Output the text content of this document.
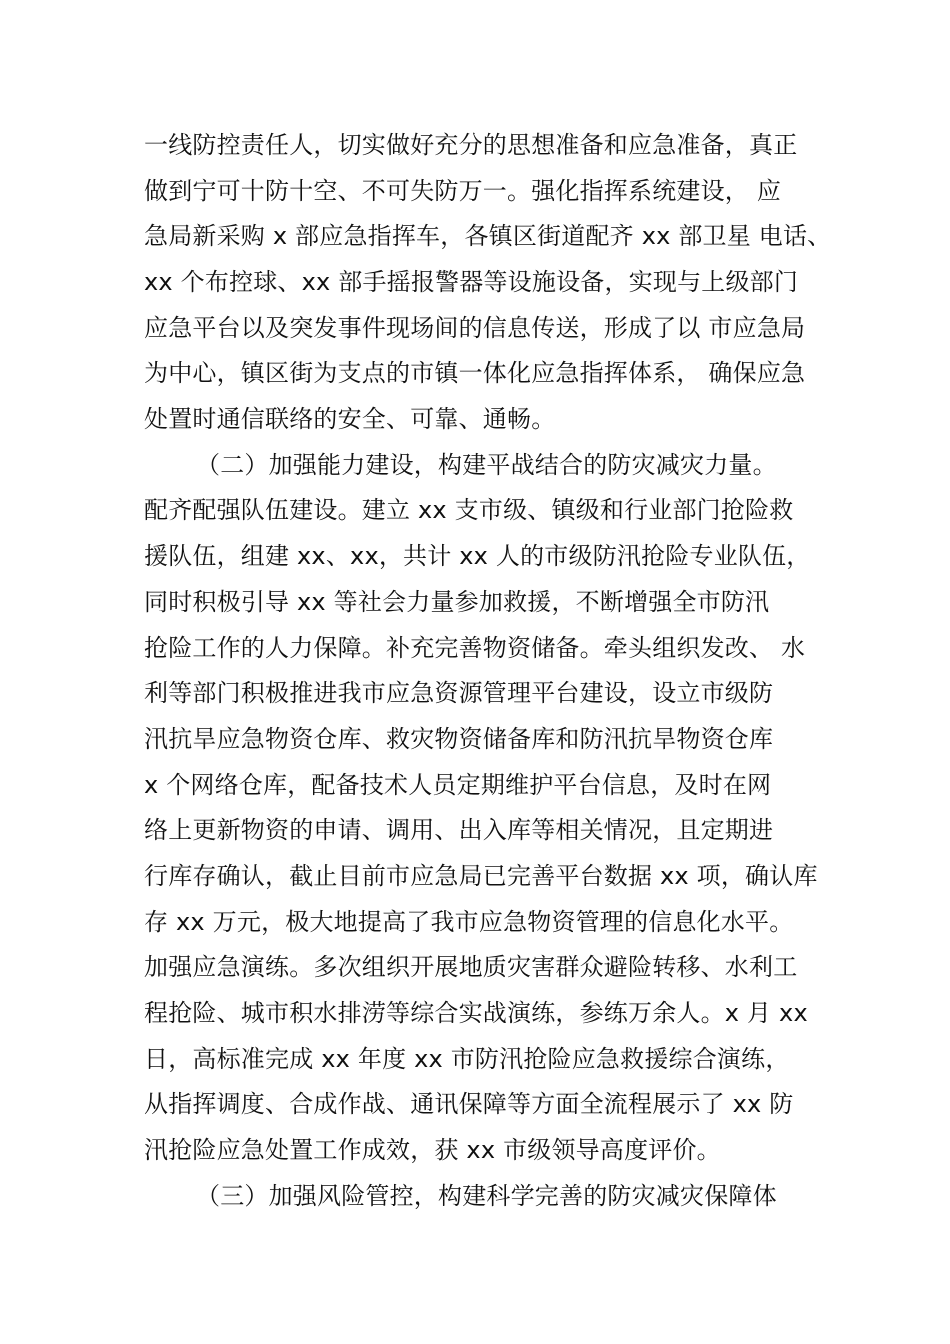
一线防控责任人，切实做好充分的思想准备和应急准备，真正
做到宁可十防十空、不可失防万一。强化指挥系统建设， 应
急局新采购 x 部应急指挥车，各镇区街道配齐 xx 部卫星 电话、
xx 个布控球、xx 部手摇报警器等设施设备，实现与上级部门
应急平台以及突发事件现场间的信息传送，形成了以 市应急局
为中心，镇区街为支点的市镇一体化应急指挥体系， 确保应急
处置时通信联络的安全、可靠、通畅。
（二）加强能力建设，构建平战结合的防灾减灾力量。
配齐配强队伍建设。建立 xx 支市级、镇级和行业部门抢险救
援队伍，组建 xx、xx，共计 xx 人的市级防汛抢险专业队伍，
同时积极引导 xx 等社会力量参加救援，不断增强全市防汛
抢险工作的人力保障。补充完善物资储备。牵头组织发改、 水
利等部门积极推进我市应急资源管理平台建设，设立市级防
汛抗旱应急物资仓库、救灾物资储备库和防汛抗旱物资仓库
x 个网络仓库，配备技术人员定期维护平台信息，及时在网
络上更新物资的申请、调用、出入库等相关情况，且定期进
行库存确认，截止目前市应急局已完善平台数据 xx 项，确认库
存 xx 万元，极大地提高了我市应急物资管理的信息化水平。
加强应急演练。多次组织开展地质灾害群众避险转移、水利工
程抢险、城市积水排涝等综合实战演练，参练万余人。x 月 xx
日，高标准完成 xx 年度 xx 市防汛抢险应急救援综合演练，
从指挥调度、合成作战、通讯保障等方面全流程展示了 xx 防
汛抢险应急处置工作成效，获 xx 市级领导高度评价。
（三）加强风险管控，构建科学完善的防灾减灾保障体
